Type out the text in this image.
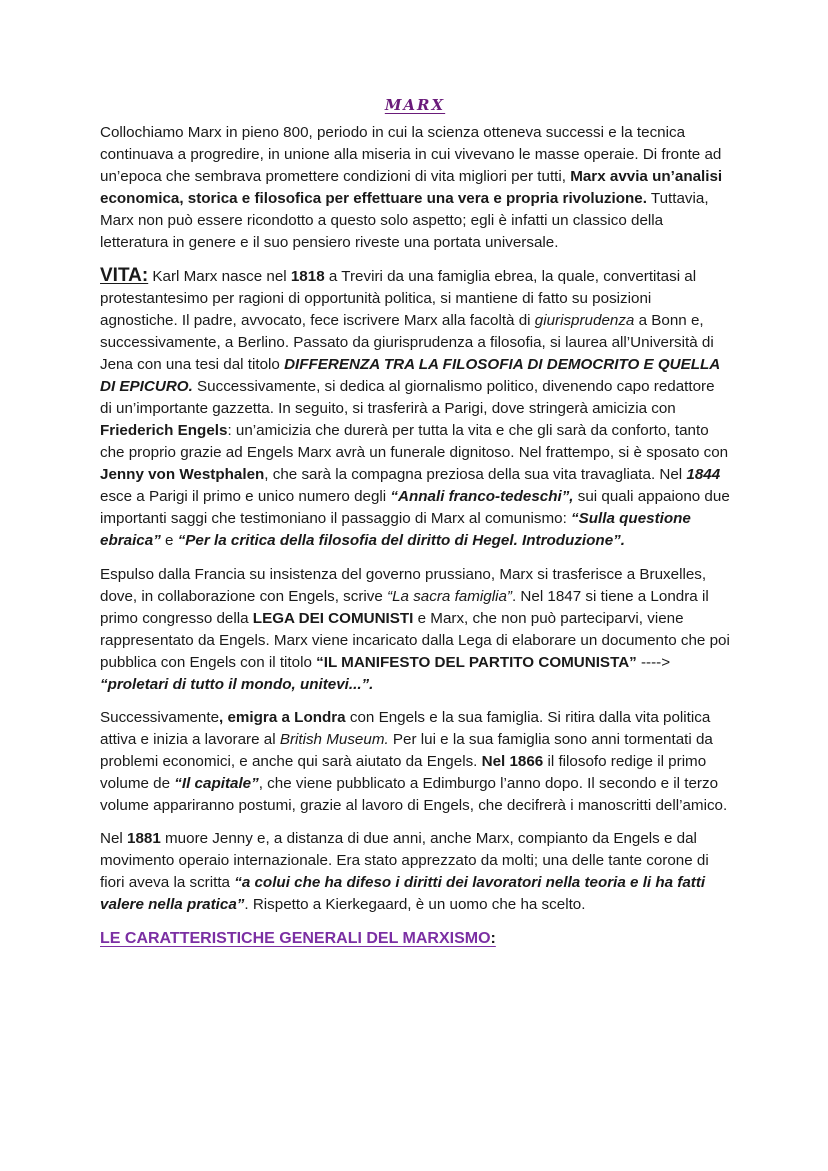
MARX

Collochiamo Marx in pieno 800, periodo in cui la scienza otteneva successi e la tecnica continuava a progredire, in unione alla miseria in cui vivevano le masse operaie. Di fronte ad un’epoca che sembrava promettere condizioni di vita migliori per tutti, Marx avvia un’analisi economica, storica e filosofica per effettuare una vera e propria rivoluzione. Tuttavia, Marx non può essere ricondotto a questo solo aspetto; egli è infatti un classico della letteratura in genere e il suo pensiero riveste una portata universale.

VITA: Karl Marx nasce nel 1818 a Treviri da una famiglia ebrea, la quale, convertitasi al protestantesimo per ragioni di opportunità politica, si mantiene di fatto su posizioni agnostiche. Il padre, avvocato, fece iscrivere Marx alla facoltà di giurisprudenza a Bonn e, successivamente, a Berlino. Passato da giurisprudenza a filosofia, si laurea all’Università di Jena con una tesi dal titolo DIFFERENZA TRA LA FILOSOFIA DI DEMOCRITO E QUELLA DI EPICURO. Successivamente, si dedica al giornalismo politico, divenendo capo redattore di un’importante gazzetta. In seguito, si trasferirà a Parigi, dove stringerà amicizia con Friederich Engels: un’amicizia che durerà per tutta la vita e che gli sarà da conforto, tanto che proprio grazie ad Engels Marx avrà un funerale dignitoso. Nel frattempo, si è sposato con Jenny von Westphalen, che sarà la compagna preziosa della sua vita travagliata. Nel 1844 esce a Parigi il primo e unico numero degli “Annali franco-tedeschi”, sui quali appaiono due importanti saggi che testimoniano il passaggio di Marx al comunismo: “Sulla questione ebraica” e “Per la critica della filosofia del diritto di Hegel. Introduzione”.

Espulso dalla Francia su insistenza del governo prussiano, Marx si trasferisce a Bruxelles, dove, in collaborazione con Engels, scrive “La sacra famiglia”. Nel 1847 si tiene a Londra il primo congresso della LEGA DEI COMUNISTI e Marx, che non può parteciparvi, viene rappresentato da Engels. Marx viene incaricato dalla Lega di elaborare un documento che poi pubblica con Engels con il titolo “IL MANIFESTO DEL PARTITO COMUNISTA” ----> “proletari di tutto il mondo, unitevi...”.

Successivamente, emigra a Londra con Engels e la sua famiglia. Si ritira dalla vita politica attiva e inizia a lavorare al British Museum. Per lui e la sua famiglia sono anni tormentati da problemi economici, e anche qui sarà aiutato da Engels. Nel 1866 il filosofo redige il primo volume de “Il capitale”, che viene pubblicato a Edimburgo l’anno dopo. Il secondo e il terzo volume appariranno postumi, grazie al lavoro di Engels, che decifrerà i manoscritti dell’amico.

Nel 1881 muore Jenny e, a distanza di due anni, anche Marx, compianto da Engels e dal movimento operaio internazionale. Era stato apprezzato da molti; una delle tante corone di fiori aveva la scritta “a colui che ha difeso i diritti dei lavoratori nella teoria e li ha fatti valere nella pratica”. Rispetto a Kierkegaard, è un uomo che ha scelto.

LE CARATTERISTICHE GENERALI DEL MARXISMO:
